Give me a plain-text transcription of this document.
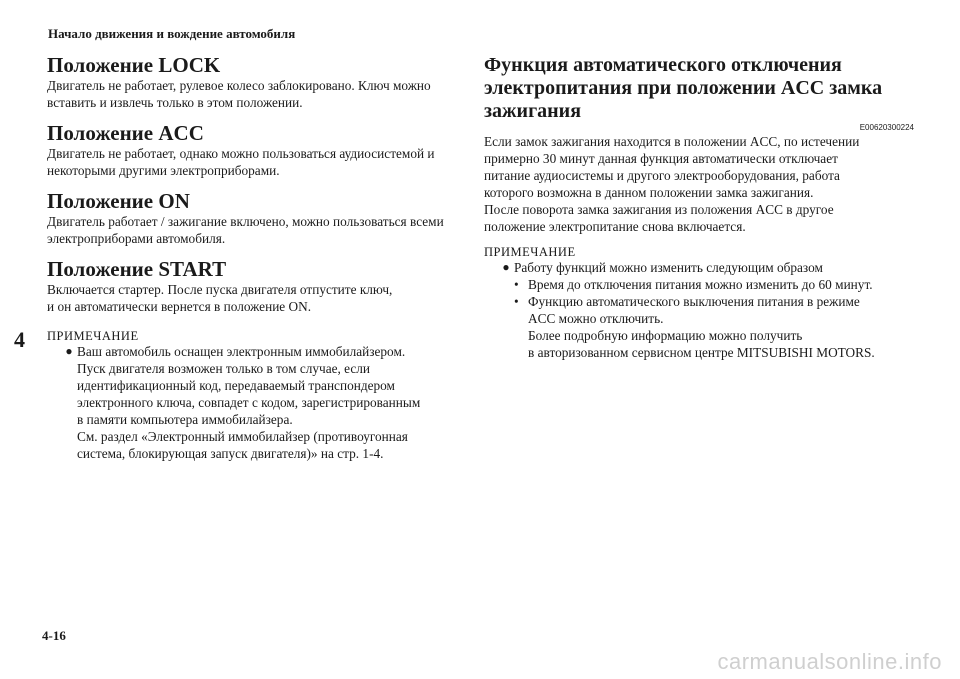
Начало движения и вождение автомобиля
4
4-16
carmanualsonline.info
Положение LOCK

Двигатель не работает, рулевое колесо заблокировано. Ключ можно вставить и извлечь только в этом положении.

Положение ACC

Двигатель не работает, однако можно пользоваться аудиосистемой и некоторыми другими электроприборами.

Положение ON

Двигатель работает / зажигание включено, можно пользоваться всеми электроприборами автомобиля.

Положение START

Включается стартер. После пуска двигателя отпустите ключ,

и он автоматически вернется в положение ON.

ПРИМЕЧАНИЕ
● Ваш автомобиль оснащен электронным иммобилайзером.
Пуск двигателя возможен только в том случае, если
идентификационный код, передаваемый транспондером
электронного ключа, совпадет с кодом, зарегистрированным
в памяти компьютера иммобилайзера.
См. раздел «Электронный иммобилайзер (противоугонная
система, блокирующая запуск двигателя)» на стр. 1-4.
Функция автоматического отключения
электропитания при положении ACC замка
зажигания
E00620300224

Если замок зажигания находится в положении ACC, по истечении

примерно 30 минут данная функция автоматически отключает

питание аудиосистемы и другого электрооборудования, работа

которого возможна в данном положении замка зажигания.

После поворота замка зажигания из положения ACC в другое

положение электропитание снова включается.

ПРИМЕЧАНИЕ
● Работу функций можно изменить следующим образом
• Время до отключения питания можно изменить до 60 минут.
• Функцию автоматического выключения питания в режиме
ACC можно отключить.
Более подробную информацию можно получить
в авторизованном сервисном центре MITSUBISHI MOTORS.
